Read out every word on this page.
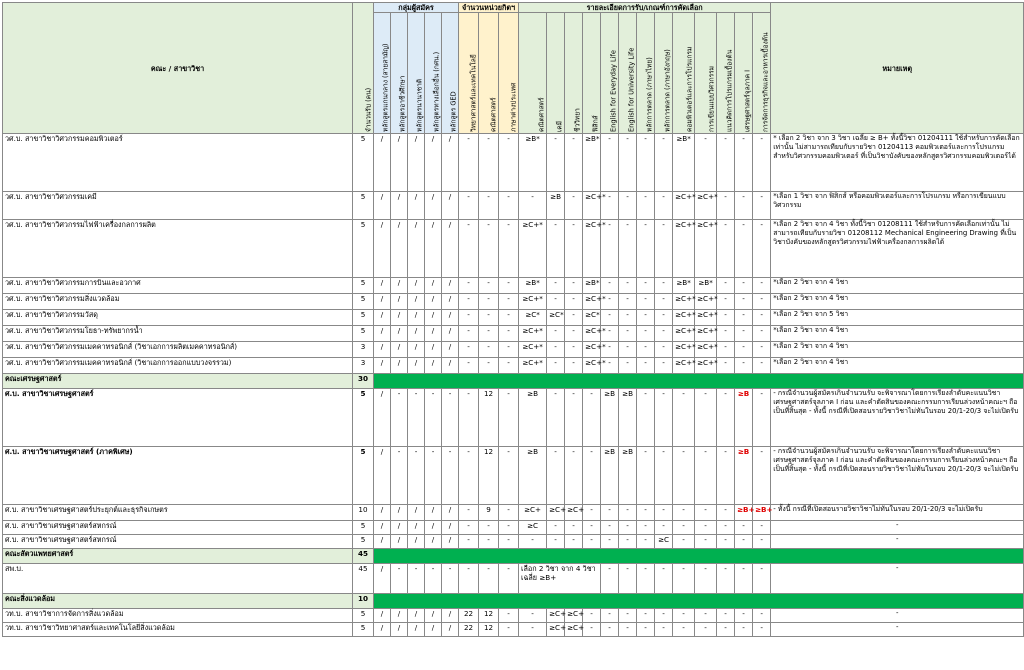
คณะ / สาขาวิชา	จำนวนรับ (คน)	กลุ่มผู้สมัคร					จำนวนหน่วยกิตฯ			รายละเอียดการรับ/เกณฑ์การคัดเลือก													หมายเหตุ
		หลักสูตรแกนกลาง (สายสามัญ)	หลักสูตรอาชีวศึกษา	หลักสูตรนานาชาติ	หลักสูตรทางเลือกอื่น (กศน.)	หลักสูตร GED	วิทยาศาสตร์และเทคโนโลยี	คณิตศาสตร์	ภาษาต่างประเทศ	คณิตศาสตร์	เคมี	ชีววิทยา	ฟิสิกส์	English for Everyday Life	English for University Life	หลักการตลาด (ภาษาไทย)	หลักการตลาด (ภาษาอังกฤษ)	คอมพิวเตอร์และการโปรแกรม	การเขียนแบบวิศวกรรม	แนวคิดการโปรแกรมเบื้องต้น	เศรษฐศาสตร์จุลภาค I	การจัดการธุรกิจและอาหารเบื้องต้น	
วศ.บ. สาขาวิชาวิศวกรรมคอมพิวเตอร์	5	/	/	/	/	/	-	-	-	≥B*	-	-	≥B*	-	-	-	-	≥B*	-	-	-	-	* เลือก 2 วิชา จาก 3 วิชา เฉลี่ย ≥ B+ ทั้งนี้วิชา 01204111 ใช้สำหรับการคัดเลือกเท่านั้น ไม่สามารถเทียบกับรายวิชา 01204113 คอมพิวเตอร์และการโปรแกรม สำหรับวิศวกรรมคอมพิวเตอร์ ที่เป็นวิชาบังคับของหลักสูตรวิศวกรรมคอมพิวเตอร์ได้
วศ.บ. สาขาวิชาวิศวกรรมเคมี	5	/	/	/	/	/	-	-	-	-	≥B	-	≥C+*	-	-	-	-	≥C+*	≥C+*	-	-	-	*เลือก 1 วิชา จาก ฟิสิกส์ หรือคอมพิวเตอร์และการโปรแกรม หรือการเขียนแบบวิศวกรรม
วศ.บ. สาขาวิชาวิศวกรรมไฟฟ้าเครื่องกลการผลิต	5	/	/	/	/	/	-	-	-	≥C+*	-	-	≥C+*	-	-	-	-	≥C+*	≥C+*	-	-	-	*เลือก 2 วิชา จาก 4 วิชา ทั้งนี้วิชา 01208111 ใช้สำหรับการคัดเลือกเท่านั้น ไม่สามารถเทียบกับรายวิชา 01208112 Mechanical Engineering Drawing ที่เป็นวิชาบังคับของหลักสูตรวิศวกรรมไฟฟ้าเครื่องกลการผลิตได้
วศ.บ. สาขาวิชาวิศวกรรมการบินและอวกาศ	5	/	/	/	/	/	-	-	-	≥B*	-	-	≥B*	-	-	-	-	≥B*	≥B*	-	-	-	*เลือก 2 วิชา จาก 4 วิชา
วศ.บ. สาขาวิชาวิศวกรรมสิ่งแวดล้อม	5	/	/	/	/	/	-	-	-	≥C+*	-	-	≥C+*	-	-	-	-	≥C+*	≥C+*	-	-	-	*เลือก 2 วิชา จาก 4 วิชา
วศ.บ. สาขาวิชาวิศวกรรมวัสดุ	5	/	/	/	/	/	-	-	-	≥C*	≥C*	-	≥C*	-	-	-	-	≥C+*	≥C+*	-	-	-	*เลือก 2 วิชา จาก 5 วิชา
วศ.บ. สาขาวิชาวิศวกรรมโยธา-ทรัพยากรน้ำ	5	/	/	/	/	/	-	-	-	≥C+*	-	-	≥C+*	-	-	-	-	≥C+*	≥C+*	-	-	-	*เลือก 2 วิชา จาก 4 วิชา
วศ.บ. สาขาวิชาวิศวกรรมเมคคาทรอนิกส์ (วิชาเอกการผลิตเมคคาทรอนิกส์)	3	/	/	/	/	/	-	-	-	≥C+*	-	-	≥C+*	-	-	-	-	≥C+*	≥C+*	-	-	-	*เลือก 2 วิชา จาก 4 วิชา
วศ.บ. สาขาวิชาวิศวกรรมเมคคาทรอนิกส์ (วิชาเอกการออกแบบวงจรรวม)	3	/	/	/	/	/	-	-	-	≥C+*	-	-	≥C+*	-	-	-	-	≥C+*	≥C+*	-	-	-	*เลือก 2 วิชา จาก 4 วิชา
คณะเศรษฐศาสตร์	30																						
ศ.บ. สาขาวิชาเศรษฐศาสตร์	5	/	-	-	-	-	-	12	-	≥B	-	-	-	≥B	≥B	-	-	-	-	-	≥B	-	- กรณีจำนวนผู้สมัครเกินจำนวนรับ จะพิจารณาโดยการเรียงลำดับคะแนนวิชาเศรษฐศาสตร์จุลภาค I ก่อน และคำตัดสินของคณะกรรมการเรียนล่วงหน้าคณะฯ ถือเป็นที่สิ้นสุด - ทั้งนี้ กรณีที่เปิดสอนรายวิชาวิชาไม่ทันในรอบ 20/1-20/3 จะไม่เปิดรับ
ศ.บ. สาขาวิชาเศรษฐศาสตร์ (ภาคพิเศษ)	5	/	-	-	-	-	-	12	-	≥B	-	-	-	≥B	≥B	-	-	-	-	-	≥B	-	- กรณีจำนวนผู้สมัครเกินจำนวนรับ จะพิจารณาโดยการเรียงลำดับคะแนนวิชาเศรษฐศาสตร์จุลภาค I ก่อน และคำตัดสินของคณะกรรมการเรียนล่วงหน้าคณะฯ ถือเป็นที่สิ้นสุด - ทั้งนี้ กรณีที่เปิดสอนรายวิชาวิชาไม่ทันในรอบ 20/1-20/3 จะไม่เปิดรับ
ศ.บ. สาขาวิชาเศรษฐศาสตร์ประยุกต์และธุรกิจเกษตร	10	/	/	/	/	/	-	9	-	≥C+	≥C+	≥C+	-	-	-	-	-	-	-	-	≥B+	≥B+	- ทั้งนี้ กรณีที่เปิดสอนรายวิชาวิชาไม่ทันในรอบ 20/1-20/3 จะไม่เปิดรับ
ศ.บ. สาขาวิชาเศรษฐศาสตร์สหกรณ์	5	/	/	/	/	/	-	-	-	≥C	-	-	-	-	-	-	-	-	-	-	-	-	-
ศ.บ. สาขาวิชาเศรษฐศาสตร์สหกรณ์	5	/	/	/	/	/	-	-	-	-	-	-	-	-	-	-	≥C	-	-	-	-	-	-
คณะสัตวแพทยศาสตร์	45																						
สพ.บ.	45	/	-	-	-	-	-	-	-	เลือก 2 วิชา จาก 4 วิชา เฉลี่ย ≥B+				-	-	-	-	-	-	-	-	-	-
คณะสิ่งแวดล้อม	10																						
วท.บ. สาขาวิชาการจัดการสิ่งแวดล้อม	5	/	/	/	/	/	22	12	-	-	≥C+	≥C+	-	-	-	-	-	-	-	-	-	-	-
วท.บ. สาขาวิชาวิทยาศาสตร์และเทคโนโลยีสิ่งแวดล้อม	5	/	/	/	/	/	22	12	-	-	≥C+	≥C+	-	-	-	-	-	-	-	-	-	-	-
